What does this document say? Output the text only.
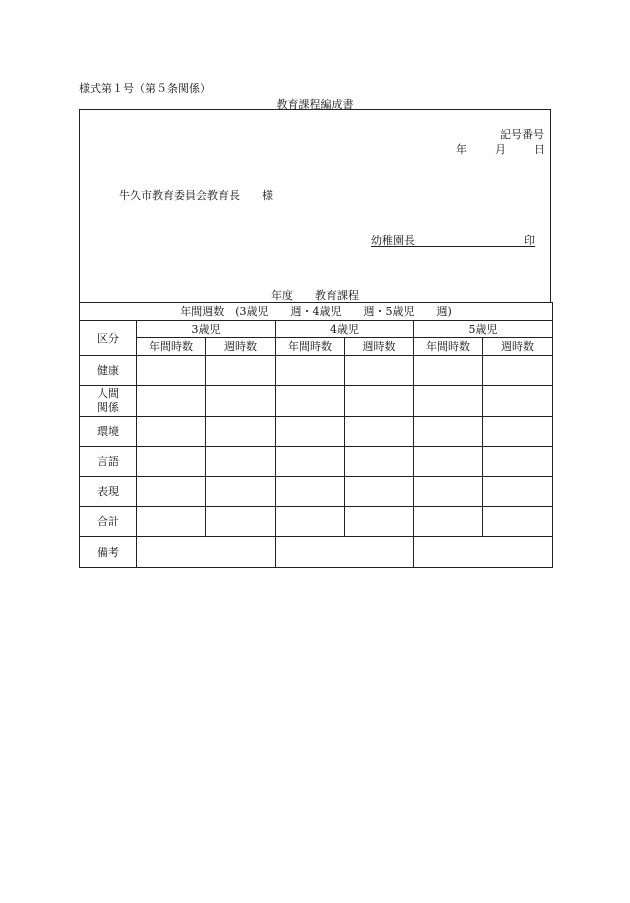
様式第１号（第５条関係）
教育課程編成書
記号番号
年	月	日
牛久市教育委員会教育長　　様
幼稚園長	印
年度　　教育課程
年間週数　(3歳児　　週・4歳児　　週・5歳児　　週)						
区分	3歳児		4歳児		5歳児	
	年間時数	週時数	年間時数	週時数	年間時数	週時数
健康						

人間関係						

環境						
言語						
表現						
合計						
備考						
